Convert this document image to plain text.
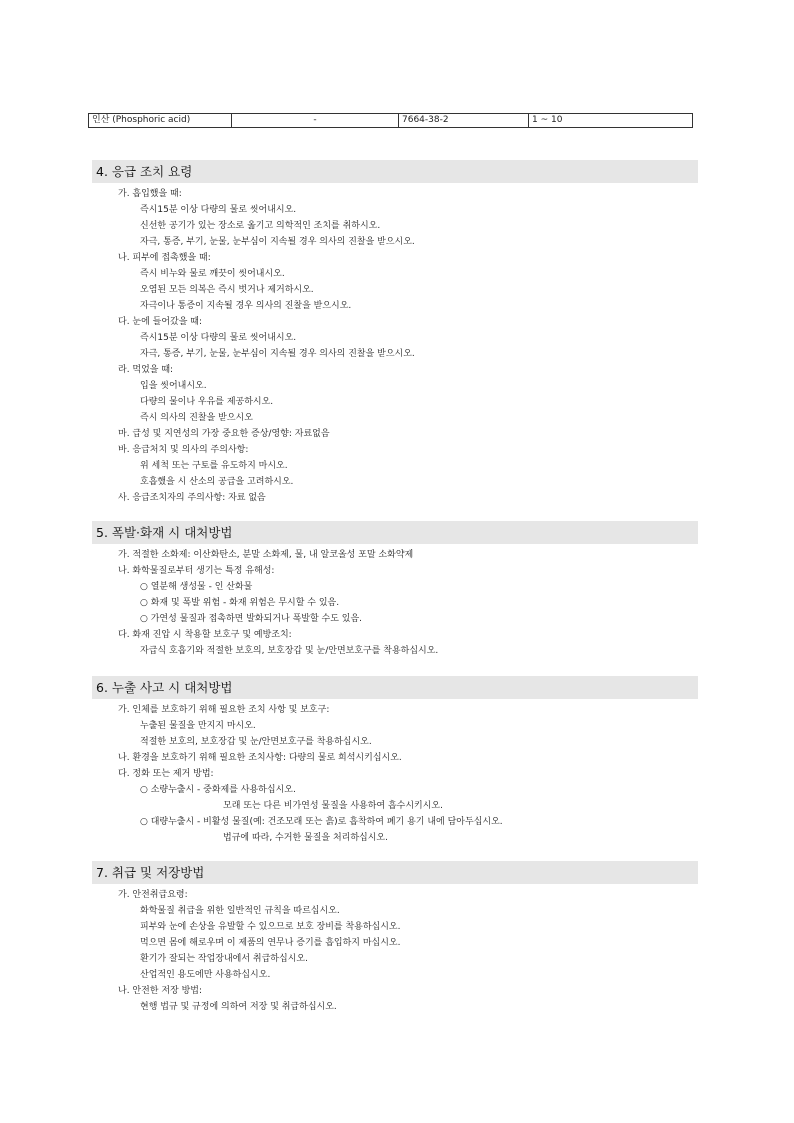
인산 (Phosphoric acid)	-	7664-38-2	1 ~ 10
4. 응급 조치 요령
가. 흡입했을 때:
즉시15분 이상 다량의 물로 씻어내시오.
신선한 공기가 있는 장소로 옮기고 의학적인 조치를 취하시오.
자극, 통증, 부기, 눈물, 눈부심이 지속될 경우 의사의 진찰을 받으시오.
나. 피부에 접촉했을 때:
즉시 비누와 물로 깨끗이 씻어내시오.
오염된 모든 의복은 즉시 벗거나 제거하시오.
자극이나 통증이 지속될 경우 의사의 진찰을 받으시오.
다. 눈에 들어갔을 때:
즉시15분 이상 다량의 물로 씻어내시오.
자극, 통증, 부기, 눈물, 눈부심이 지속될 경우 의사의 진찰을 받으시오.
라. 먹었을 때:
입을 씻어내시오.
다량의 물이나 우유를 제공하시오.
즉시 의사의 진찰을 받으시오
마. 급성 및 지연성의 가장 중요한 증상/영향: 자료없음
바. 응급처치 및 의사의 주의사항:
위 세척 또는 구토를 유도하지 마시오.
호흡했을 시 산소의 공급을 고려하시오.
사. 응급조치자의 주의사항: 자료 없음
5. 폭발·화재 시 대처방법
가. 적절한 소화제: 이산화탄소, 분말 소화제, 물, 내 알코올성 포말 소화약제
나. 화학물질로부터 생기는 특정 유해성:
○ 열분해 생성물 - 인 산화물
○ 화재 및 폭발 위험 - 화재 위험은 무시할 수 있음.
○ 가연성 물질과 접촉하면 발화되거나 폭발할 수도 있음.
다. 화재 진압 시 착용할 보호구 및 예방조치:
자급식 호흡기와 적절한 보호의, 보호장갑 및 눈/안면보호구를 착용하십시오.
6. 누출 사고 시 대처방법
가. 인체를 보호하기 위해 필요한 조치 사항 및 보호구:
누출된 물질을 만지지 마시오.
적절한 보호의, 보호장갑 및 눈/안면보호구를 착용하십시오.
나. 환경을 보호하기 위해 필요한 조치사항: 다량의 물로 희석시키십시오.
다. 정화 또는 제거 방법:
○ 소량누출시 - 중화제를 사용하십시오.
모래 또는 다른 비가연성 물질을 사용하여 흡수시키시오.
○ 대량누출시 - 비활성 물질(예: 건조모래 또는 흙)로 흡착하여 폐기 용기 내에 담아두십시오.
법규에 따라, 수거한 물질을 처리하십시오.
7. 취급 및 저장방법
가. 안전취급요령:
화학물질 취급을 위한 일반적인 규칙을 따르십시오.
피부와 눈에 손상을 유발할 수 있으므로 보호 장비를 착용하십시오.
먹으면 몸에 해로우며 이 제품의 연무나 증기를 흡입하지 마십시오.
환기가 잘되는 작업장내에서 취급하십시오.
산업적인 용도에만 사용하십시오.
나. 안전한 저장 방법:
현행 법규 및 규정에 의하여 저장 및 취급하십시오.
